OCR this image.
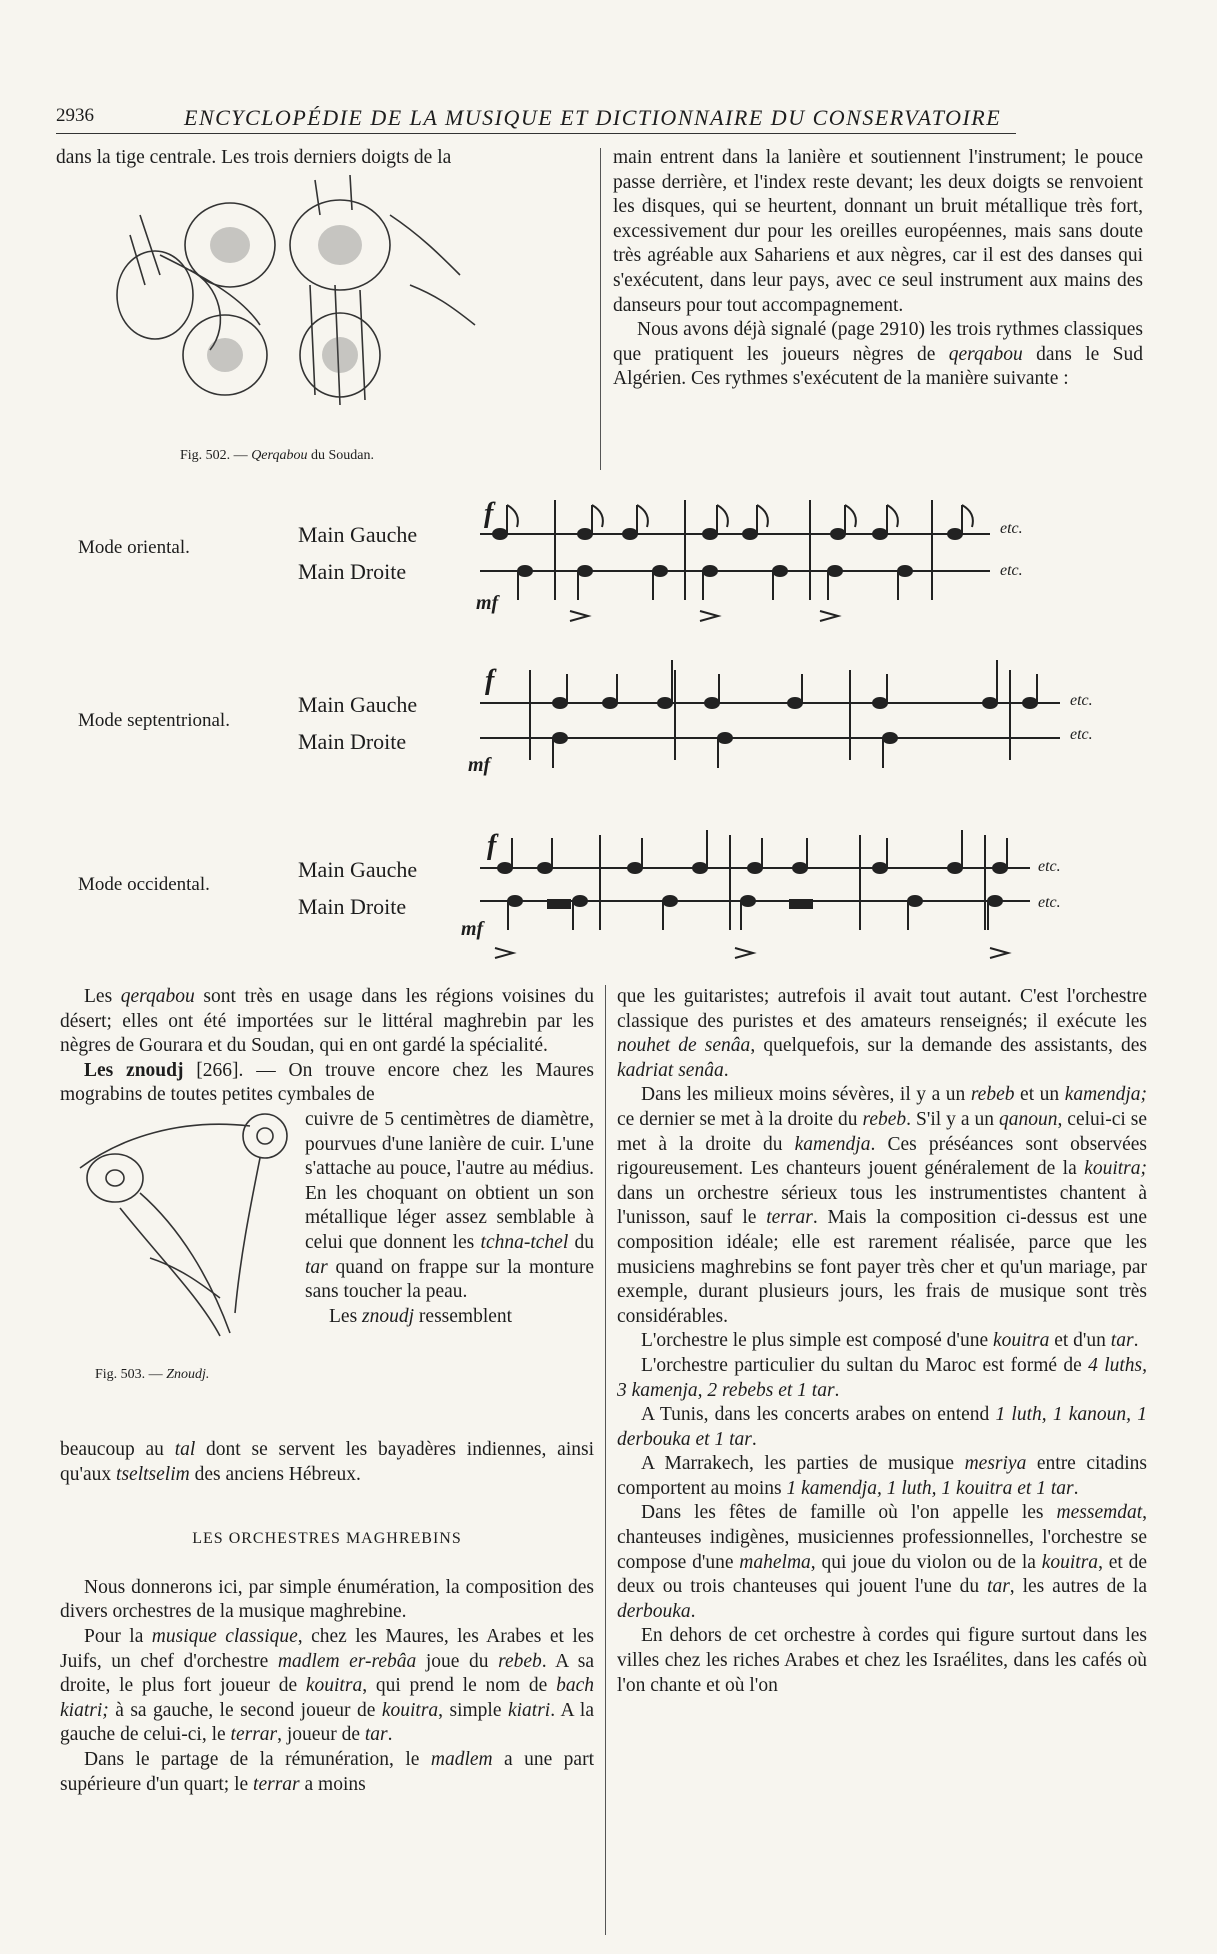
2936	ENCYCLOPÉDIE DE LA MUSIQUE ET DICTIONNAIRE DU CONSERVATOIRE

dans la tige centrale. Les trois derniers doigts de la

Fig. 502. — Qerqabou du Soudan.

main entrent dans la lanière et soutiennent l'instrument; le pouce passe derrière, et l'index reste devant; les deux doigts se renvoient les disques, qui se heurtent, donnant un bruit métallique très fort, excessivement dur pour les oreilles européennes, mais sans doute très agréable aux Sahariens et aux nègres, car il est des danses qui s'exécutent, dans leur pays, avec ce seul instrument aux mains des danseurs pour tout accompagnement.

Nous avons déjà signalé (page 2910) les trois rythmes classiques que pratiquent les joueurs nègres de qerqabou dans le Sud Algérien. Ces rythmes s'exécutent de la manière suivante :

Mode oriental.
Main Gauche
Main Droite
Mode septentrional.
Main Gauche
Main Droite
Mode occidental.
Main Gauche
Main Droite
f
mf
etc.
etc.
f
mf
etc.
etc.
f
mf
etc.
etc.

Les qerqabou sont très en usage dans les régions voisines du désert; elles ont été importées sur le littéral maghrebin par les nègres de Gourara et du Soudan, qui en ont gardé la spécialité.

Les znoudj [266]. — On trouve encore chez les Maures mograbins de toutes petites cymbales de

Fig. 503. — Znoudj.
cuivre de 5 centimètres de diamètre, pourvues d'une lanière de cuir. L'une s'attache au pouce, l'autre au médius. En les choquant on obtient un son métallique léger assez semblable à celui que donnent les tchna-tchel du tar quand on frappe sur la monture sans toucher la peau.
Les znoudj ressemblent

beaucoup au tal dont se servent les bayadères indiennes, ainsi qu'aux tseltselim des anciens Hébreux.

LES ORCHESTRES MAGHREBINS

Nous donnerons ici, par simple énumération, la composition des divers orchestres de la musique maghrebine.

Pour la musique classique, chez les Maures, les Arabes et les Juifs, un chef d'orchestre madlem er-rebâa joue du rebeb. A sa droite, le plus fort joueur de kouitra, qui prend le nom de bach kiatri; à sa gauche, le second joueur de kouitra, simple kiatri. A la gauche de celui-ci, le terrar, joueur de tar.

Dans le partage de la rémunération, le madlem a une part supérieure d'un quart; le terrar a moins

que les guitaristes; autrefois il avait tout autant. C'est l'orchestre classique des puristes et des amateurs renseignés; il exécute les nouhet de senâa, quelquefois, sur la demande des assistants, des kadriat senâa.

Dans les milieux moins sévères, il y a un rebeb et un kamendja; ce dernier se met à la droite du rebeb. S'il y a un qanoun, celui-ci se met à la droite du kamendja. Ces préséances sont observées rigoureusement. Les chanteurs jouent généralement de la kouitra; dans un orchestre sérieux tous les instrumentistes chantent à l'unisson, sauf le terrar. Mais la composition ci-dessus est une composition idéale; elle est rarement réalisée, parce que les musiciens maghrebins se font payer très cher et qu'un mariage, par exemple, durant plusieurs jours, les frais de musique sont très considérables.

L'orchestre le plus simple est composé d'une kouitra et d'un tar.

L'orchestre particulier du sultan du Maroc est formé de 4 luths, 3 kamenja, 2 rebebs et 1 tar.

A Tunis, dans les concerts arabes on entend 1 luth, 1 kanoun, 1 derbouka et 1 tar.

A Marrakech, les parties de musique mesriya entre citadins comportent au moins 1 kamendja, 1 luth, 1 kouitra et 1 tar.

Dans les fêtes de famille où l'on appelle les messemdat, chanteuses indigènes, musiciennes professionnelles, l'orchestre se compose d'une mahelma, qui joue du violon ou de la kouitra, et de deux ou trois chanteuses qui jouent l'une du tar, les autres de la derbouka.

En dehors de cet orchestre à cordes qui figure surtout dans les villes chez les riches Arabes et chez les Israélites, dans les cafés où l'on chante et où l'on
